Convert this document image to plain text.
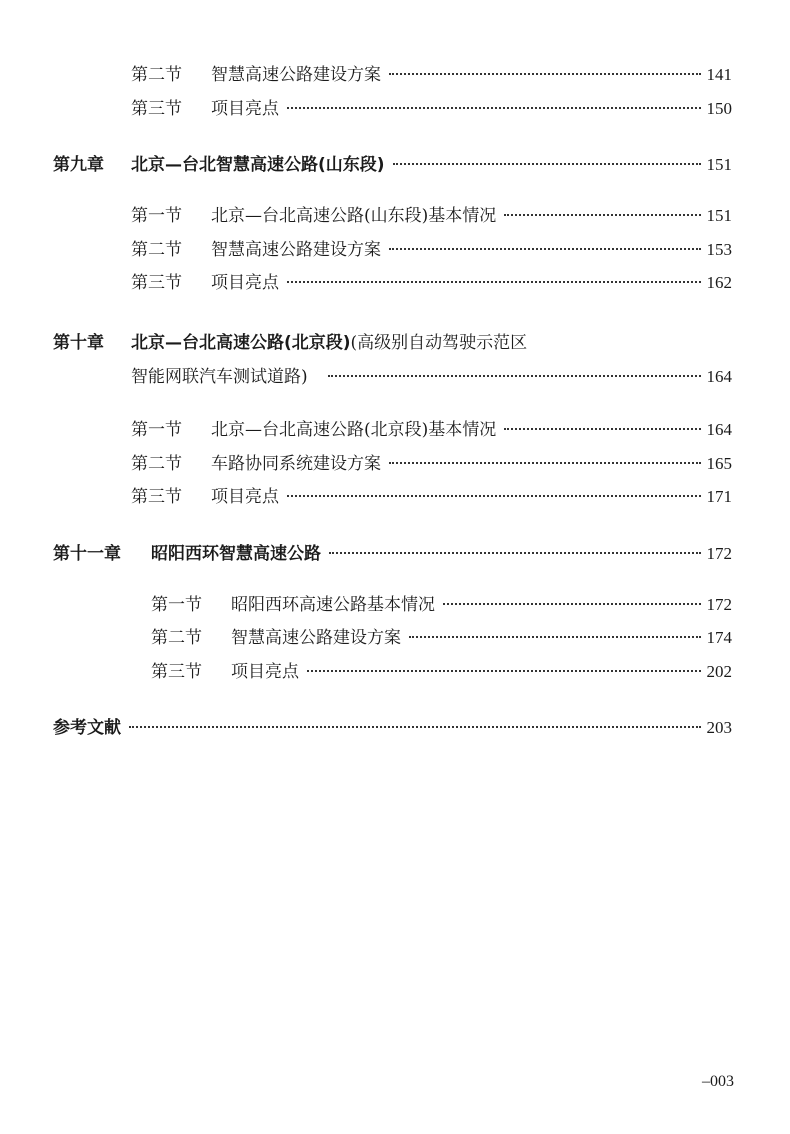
第二节	智慧高速公路建设方案	141
第三节	项目亮点	150
第九章	北京—台北智慧高速公路(山东段)	151
第一节	北京—台北高速公路(山东段)基本情况	151
第二节	智慧高速公路建设方案	153
第三节	项目亮点	162
第十章 北京—台北高速公路(北京段)(高级别自动驾驶示范区
智能网联汽车测试道路)	164
第一节	北京—台北高速公路(北京段)基本情况	164
第二节	车路协同系统建设方案	165
第三节	项目亮点	171
第十一章	昭阳西环智慧高速公路	172
第一节	昭阳西环高速公路基本情况	172
第二节	智慧高速公路建设方案	174
第三节	项目亮点	202
参考文献	203
–003
